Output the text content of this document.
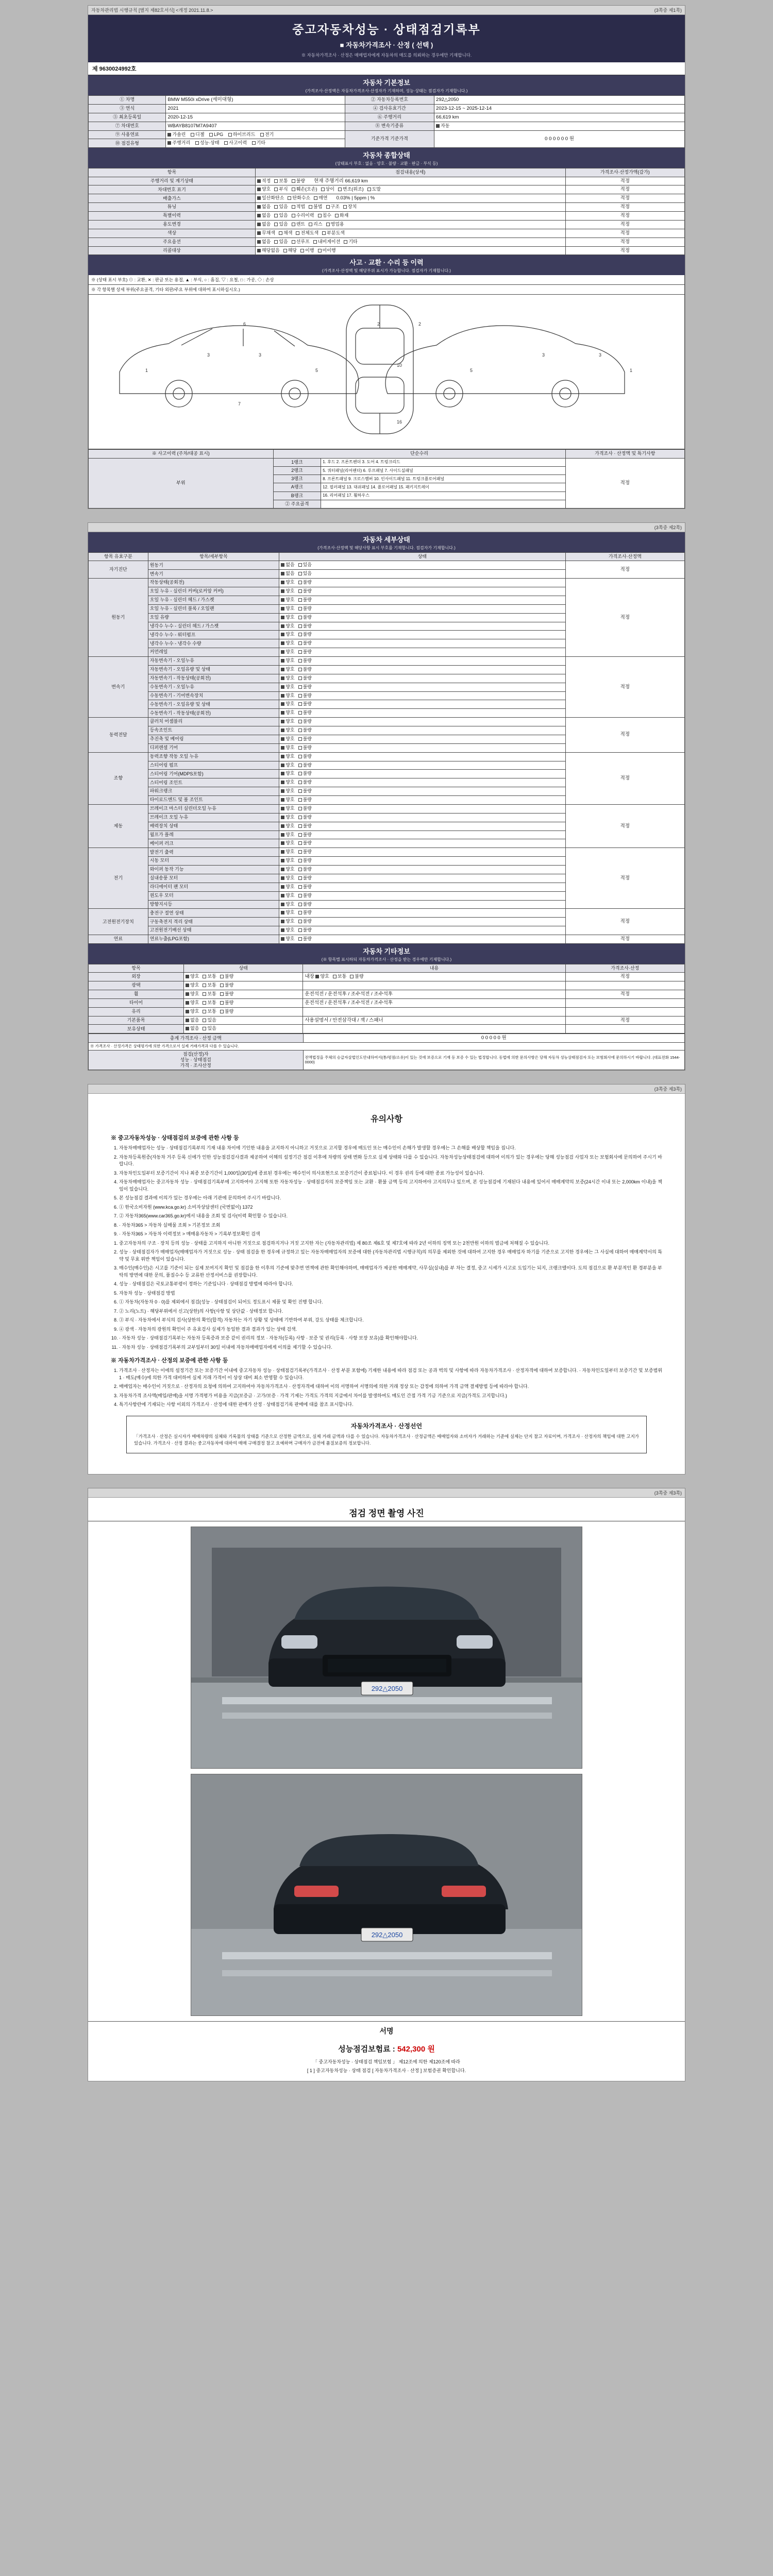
자동차관리법 시행규칙 [별지 제82호서식] <개정 2021.11.8.>	(3쪽중 제1쪽)
중고자동차성능 · 상태점검기록부
■ 자동차가격조사 · 산정 ( 선택 )
※ 자동차가격조사 · 산정은 매매업자에게 자동차의 매도를 의뢰하는 경우에만 기재합니다.
제 9630024992호
자동차 기본정보
(가격조사·산정액은 자동차가격조사·산정자가 기재하며, 성능·상태는 점검자가 기재합니다.)
① 차명	BMW M550i xDrive (세미대형)	② 자동차등록번호	292△2050
③ 연식	2021	④ 검사유효기간	2023-12-15 ~ 2025-12-14
⑤ 최초등록일	2020-12-15	⑥ 주행거리	66,619 km
⑦ 차대번호	WBAYB8107M7A9407	⑧ 변속기종류	자동
⑨ 사용연료	가솔린 디젤 LPG 하이브리드 전기	기준가격 기준가격	0 0 0 0 0 0 원
⑩ 점검유형	주행거리 성능·상태 사고이력 기타		
자동차 종합상태
(상태표시 부호 : 없음 · 양호 · 불량 · 교환 · 판금 · 부식 등)
항목	점검내용(상세)	가격조사·산정가액(감가)
주행거리 및 계기상태	적정 보통 불량 현재 주행거리 66,619 km	적정
차대번호 표기	양호 부식 훼손(오손) 상이 변조(위조) 도말	적정
배출가스	일산화탄소 탄화수소 매연 0.03% | 5ppm | %	적정
튜닝	없음 있음 적법 불법 구조 장치	적정
특별이력	없음 있음 수리이력 침수 화재	적정
용도변경	없음 있음 렌트 리스 영업용	적정
색상	무채색 채색 전체도색 부분도색	적정
주요옵션	없음 있음 선루프 내비게이션 기타	적정
리콜대상	해당없음 해당 이행 미이행	적정
사고 · 교환 · 수리 등 이력
(가격조사·산정액 및 해당부위 표시가 가능합니다. 점검자가 기재합니다.)
※ (상태 표시 부호) ⊙ : 교환, ✕ : 판금 또는 용접, ▲ : 부식, ○ : 흠집, ▽ : 요철, □ : 가공, ◇ : 손상
※ 각 항목별 상세 부위(주요골격, 기타 외판/주요 부위에 대하여 표시하십시오.)
1
3	3
5
6
7
2	2
10
16
5
3	3
1
※ 사고이력 (주차/대공 표시)	단순수리		가격조사 · 산정액 및 특기사항
부위	1랭크	1. 후드 2. 프론트펜더 3. 도어 4. 트렁크리드	적정
	2랭크	5. 쿼터패널(리어펜더) 6. 루프패널 7. 사이드실패널	
	3랭크	8. 프론트패널 9. 크로스멤버 10. 인사이드패널 11. 트렁크플로어패널	
	A랭크	12. 필러패널 13. 대쉬패널 14. 플로어패널 15. 패키지트레이	
	B랭크	16. 리어패널 17. 휠하우스	
	② 주요골격		

(3쪽중 제2쪽)
자동차 세부상태
(가격조사·산정액 및 해당사항 표시 부호를 기재합니다. 점검자가 기재합니다.)
항목 유효구분	항목/세부항목	상태	가격조사·산정액
자기진단	원동기	없음 있음	적정
	변속기	없음 있음	
원동기	작동상태(공회전)	양호 불량	적정
	오일 누유 - 실린더 커버(로커암 커버)	양호 불량	
	오일 누유 - 실린더 헤드 / 가스켓	양호 불량	
	오일 누유 - 실린더 블록 / 오일팬	양호 불량	
	오일 유량	양호 불량	
	냉각수 누수 - 실린더 헤드 / 가스켓	양호 불량	
	냉각수 누수 - 워터펌프	양호 불량	
	냉각수 누수 - 냉각수 수량	양호 불량	
	커먼레일	양호 불량	
변속기	자동변속기 - 오일누유	양호 불량	적정
	자동변속기 - 오일유량 및 상태	양호 불량	
	자동변속기 - 작동상태(공회전)	양호 불량	
	수동변속기 - 오일누유	양호 불량	
	수동변속기 - 기어변속장치	양호 불량	
	수동변속기 - 오일유량 및 상태	양호 불량	
	수동변속기 - 작동상태(공회전)	양호 불량	
동력전달	클러치 어셈블리	양호 불량	적정
	등속조인트	양호 불량	
	추진축 및 베어링	양호 불량	
	디퍼렌셜 기어	양호 불량	
조향	동력조향 작동 오일 누유	양호 불량	적정
	스티어링 펌프	양호 불량	
	스티어링 기어(MDPS포함)	양호 불량	
	스티어링 조인트	양호 불량	
	파워크랭크	양호 불량	
	타이로드엔드 및 볼 조인트	양호 불량	
제동	브레이크 마스터 실린더오일 누유	양호 불량	적정
	브레이크 오일 누유	양호 불량	
	배력장치 상태	양호 불량	
	월프가 플레	양호 불량	
	베이퍼 러크	양호 불량	
전기	발전기 출력	양호 불량	적정
	시동 모터	양호 불량	
	와이퍼 동작 기능	양호 불량	
	실내송풍 모터	양호 불량	
	라디에이터 팬 모터	양호 불량	
	윈도우 모터	양호 불량	
	방향지시등	양호 불량	
고전원전기장치	충전구 절연 상태	양호 불량	적정
	구동축전지 격리 상태	양호 불량	
	고전원전기배선 상태	양호 불량	
연료	연료누출(LPG포함)	양호 불량	적정
자동차 기타정보
(※ 항목별 표시하되 자동차가격조사 · 산정을 받는 경우에만 기재합니다.)
항목	상태	내용	가격조사·산정
외장	양호 보통 불량	내장 양호 보통 불량	적정
광택	양호 보통 불량		
휠	양호 보통 불량	운전석전 / 운전석후 / 조수석전 / 조수석후	적정
타이어	양호 보통 불량	운전석전 / 운전석후 / 조수석전 / 조수석후	
유리	양호 보통 불량		
기본품목	없음 있음	사용설명서 / 안전삼각대 / 잭 / 스패너	적정
보유상태	없음 있음		
총계 가격조사 · 산정 금액	0 0 0 0 0 원
※ 가격조사 · 산정가격은 상태평가에 의한 가격으로서 실제 거래가격과 다를 수 있습니다.	

점검(산정)자
성능 · 상태점검
가격 · 조사산정	전액법정을 주체의 승급자살법인도안내하여서(통/평점/소유)이 있는 것에 보증으로 기재 등 보증 수 있는 법정합니다. 동법에 의한 문의사항은 당해 자동차 성능상태점검자 또는 보험회사에 문의하시기 바랍니다. (대표전화 1544-0000)

(3쪽중 제3쪽)
유의사항
※ 중고자동차성능 · 상태점검의 보증에 관한 사항 등
1. 자동차매매업자는 성능 · 상태점검기록부의 기재 내용 차이에 기인한 내용을 교지하지 아니하고 거짓으로 고지할 경우에 매도인 또는 매수인이 손해가 발생할 경우에는 그 손해를 배상할 책임을 집니다.
2. 자동차등록원증(자동차 거주 등록 신에가 인한 성능점검검사결과 제공하여 이해의 설정기간 점검 이후에 차량의 상태 변화 등으로 실제 상태와 다를 수 있습니다. 자동차성능상태점검에 대하여 이의가 있는 경우에는 당해 성능점검 사업자 또는 보험회사에 문의하여 주시기 바랍니다.
3. 자동차인도일부터 보증기간이 지나 최종 보증기간이 1,000일(30일)에 종료된 경우에는 매수인이 의사표현으로 보증기간이 종료됩니다. 이 경우 권리 등에 대한 종료 가능성이 있습니다.
4. 자동차매매업자는 중고자동차 성능 · 상태점검기록부에 고지하여야 고지해 또한 자동차성능 · 상태점검자의 보증책임 또는 교환 · 환불 금액 등의 고지하여야 고지의무나 있으며, 본 성능점검에 기재된다 내용에 있어서 매매계약의 보증(24시간 이내 또는 2,000km 이내)을 책임이 있습니다.
5. 본 성능점검 결과에 이의가 있는 경우에는 아래 기관에 문의하여 주시기 바랍니다.
6. ① 한국소비자원 (www.kca.go.kr) 소비자상담센터 (국번없이) 1372
7. ② 자동차365(www.car365.go.kr)에서 내용을 조회 및 검사(이력 확인할 수 있습니다.
8. · 자동차365 > 자동차 실매물 조회 > 기본정보 조회
9. · 자동차365 > 자동차 이력정보 > 매매용자동차 > 기록부정보확인 검색
1. 중고자동차의 구조 · 장치 등의 성능 · 상태를 고지하지 아니한 거짓으로 점검하지거나 거짓 고지한 자는 (자동차관리법) 제 80조 제6호 및 제7호에 따라 2년 이하의 징역 또는 2천만원 이하의 벌금에 처해질 수 있습니다.
2. 성능 · 상태점검자가 매매업자(매매업자가 거짓으로 성능 · 상태 점검을 한 경우에 규정하고 있는 자동차매매업자의 보증에 대한 (자동차관리법 시행규칙)의 의무를 제외한 것에 대하여 고지한 경우 매매업자 하기를 기준으로 고지한 경우에는 그 사실에 대하여 매매계약서의 특약 및 무효 위반 책임이 있습니다.
3. 매수인(매수인)은 시고를 기준이 되는 실제 보여지지 확인 및 점검을 한 이후의 기준에 맞추면 면책에 관한 확인해야하며, 매매업자가 제공한 매매계약, 사무실(실내)를 부 차는 결정, 중고 시세가 시고로 도입기는 되지, 크랭크텔이다. 도의 점검으로 환 부분적인 환 경부분을 부탁의 방면에 대한 문의, 품질수수 등 교류한 산정서비스를 권장합니다.
4. 성능 · 상태점검은 국토교통부령이 정하는 기준입니다 · 상태점검 방법에 따라야 합니다.
5. 자동차 성능 · 상태점검 방법
6. ① 자동차(자동차 0 · 0)를 제외에서 점검(성능 · 상태점검이 되어도 정도표시 제품 및 확인 진행 합니다.
7. ② 노리(노트) · 해당부위에서 신고(상한)의 사항(사항 및 상단값 · 상태정보 합니다.
8. ③ 부식 · 자동차에서 부식의 검사(상한의 확인(합격) 자동차는 자기 상황 및 상태에 기반하여 부위, 강도 상태를 체크합니다.
9. ④ 광색 · 자동차의 광원의 확인이 주 유효검사 실제가 동일한 결과 결과가 있는 상태 검색.
10. · 자동차 성능 · 상태점검기록부는 자동차 등록증과 보증 같이 권리의 정보 · 자동차(등록) 사항 · 보증 및 권리(등록 · 사항 보장 보유)를 확인해야합니다.
11. · 자동차 성능 · 상태점검기록부의 교부일부터 30일 이내에 자동차매매업자에게 이의를 제기할 수 있습니다.
※ 자동차가격조사 · 산정의 보증에 관한 사항 등
1. 가격조사 · 산정자는 이에의 설정기간 또는 보증기간 이내에 중고자동차 성능 · 상태점검기록부(가격조사 · 산정 부분 포함에) 기재한 내용에 따라 점검 또는 공과 벅의 및 사항에 따라 자동차가격조사 · 산정자격에 대하여 보증합니다. · 자동차인도일부터 보증기간 및 보증범위 1 · 매도(매수)에 의한 가격 대비하여 실제 거래 가격이 이 상상 대비 최소 반영할 수 있습니다.
2. 매매업자는 매수인이 거짓으로 · 산정자의 요청에 의하여 고지하여야 자동차가격조사 · 산정자격에 대하여 이의 서명하여 서명의에 의한 거래 정상 또는 감정에 의하여 가격 금액 결제방법 등에 따라야 합니다.
3. 자동차가격 조사액(매입/판매)을 서명 가격평가 비용을 지급(보증금 · 고가/보증 · 가격 기제는 가격도 가격의 지급에서 차이를 발생하여도 매도인 간접 가격 기금 기준으로 지급(가격도 고지합니다.)
4. 특기사항란에 기재되는 사항 이외의 가격조사 · 산정에 대한 판매가 산정 · 상태점검기록 판매에 대를 참조 표시합니다.
자동차가격조사 · 산정선언

「가격조사 · 산정은 실시자가 매매차량의 실체와 기록물의 상태를 기준으로 산정한 금액으로, 실제 거래 금액과 다를 수 있습니다. 자동차가격조사 · 산정금액은 매매업자와 소비자가 거래하는 기준에 실제는 단지 참고 자료이며, 가격조사 · 산정자의 책임에 대한 고지가 있습니다. 가격조사 · 산정 결과는 중고자동차에 대하여 매매 구매결정 참고 요예하며 구매자가 금전에 품질보증의 정보합니다.

(3쪽중 제3쪽)
점검 정면 촬영 사진
292△2050
292△2050
서명
성능점검보험료 : 542,300 원
「 중고자동차성능 · 상태점검 책임보험 」 제12조에 의한 제120조에 따라
[ 1 ] 중고자동차성능 · 상태 점검 [ 자동차가격조사 · 산정 ] 보험증권 확인합니다.
